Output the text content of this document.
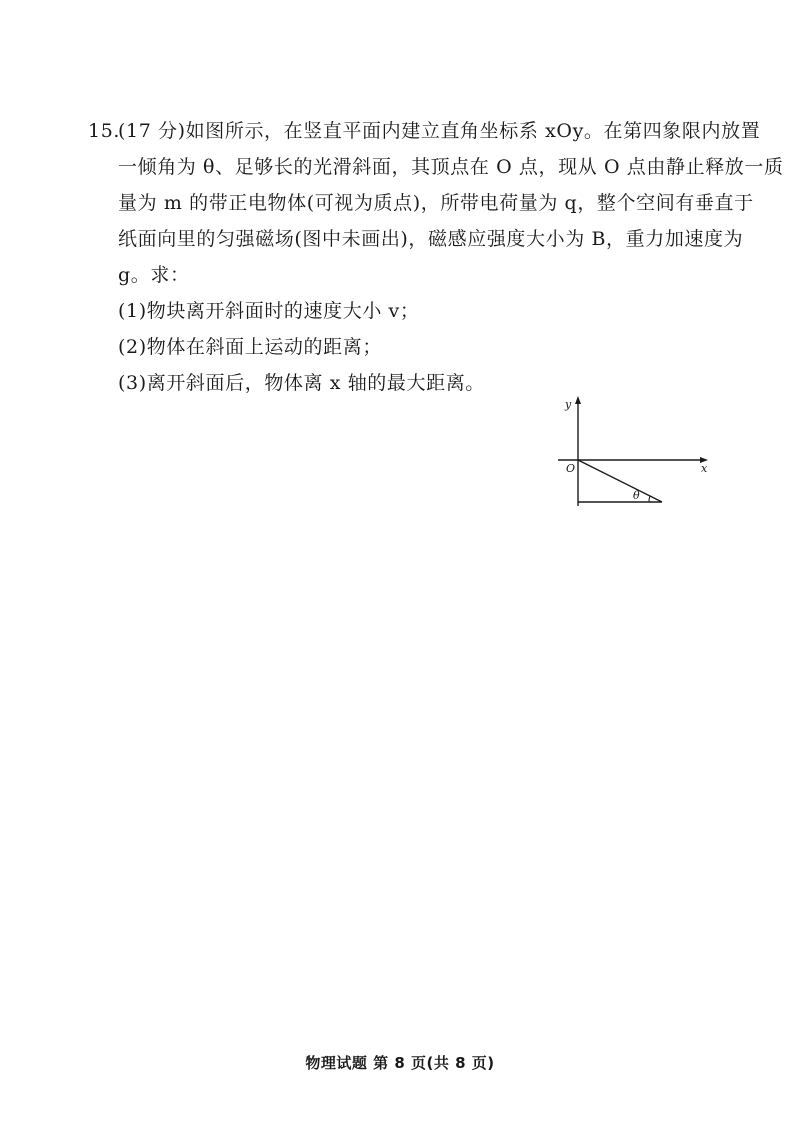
15.(17 分)如图所示，在竖直平面内建立直角坐标系 xOy。在第四象限内放置
一倾角为 θ、足够长的光滑斜面，其顶点在 O 点，现从 O 点由静止释放一质
量为 m 的带正电物体(可视为质点)，所带电荷量为 q，整个空间有垂直于
纸面向里的匀强磁场(图中未画出)，磁感应强度大小为 B，重力加速度为
g。求：
(1)物块离开斜面时的速度大小 v；
(2)物体在斜面上运动的距离；
(3)离开斜面后，物体离 x 轴的最大距离。
y
x
O
θ
物理试题 第 8 页(共 8 页)
